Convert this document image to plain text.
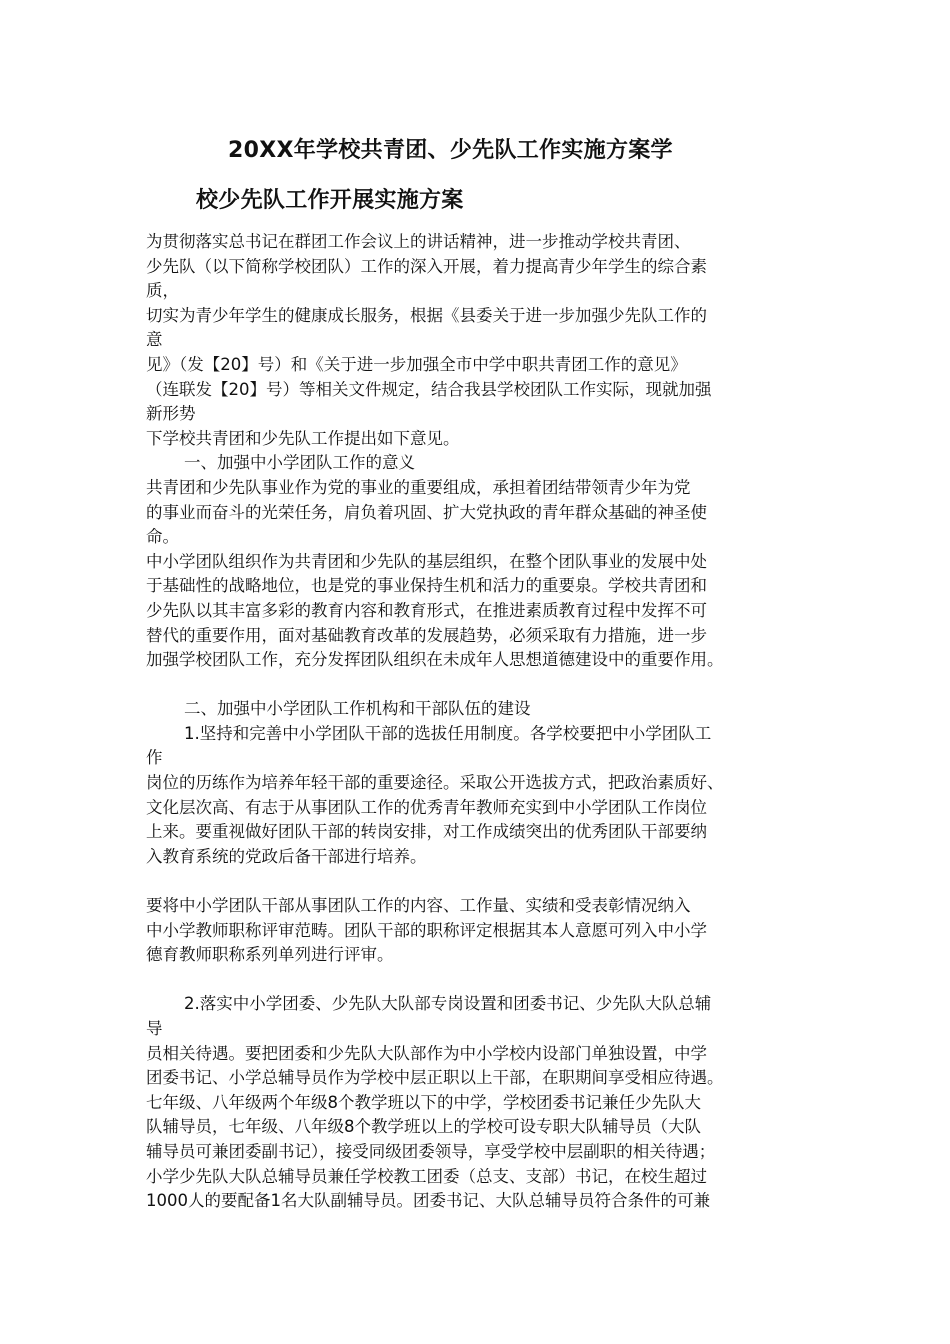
20XX年学校共青团、少先队工作实施方案学
校少先队工作开展实施方案
为贯彻落实总书记在群团工作会议上的讲话精神，进一步推动学校共青团、
少先队（以下简称学校团队）工作的深入开展，着力提高青少年学生的综合素
质，
切实为青少年学生的健康成长服务，根据《县委关于进一步加强少先队工作的
意
见》（发【20】号）和《关于进一步加强全市中学中职共青团工作的意见》
（连联发【20】号）等相关文件规定，结合我县学校团队工作实际，现就加强
新形势
下学校共青团和少先队工作提出如下意见。
一、加强中小学团队工作的意义
共青团和少先队事业作为党的事业的重要组成，承担着团结带领青少年为党
的事业而奋斗的光荣任务，肩负着巩固、扩大党执政的青年群众基础的神圣使
命。
中小学团队组织作为共青团和少先队的基层组织，在整个团队事业的发展中处
于基础性的战略地位，也是党的事业保持生机和活力的重要泉。学校共青团和
少先队以其丰富多彩的教育内容和教育形式，在推进素质教育过程中发挥不可
替代的重要作用，面对基础教育改革的发展趋势，必须采取有力措施，进一步
加强学校团队工作，充分发挥团队组织在未成年人思想道德建设中的重要作用。
二、加强中小学团队工作机构和干部队伍的建设
1.坚持和完善中小学团队干部的选拔任用制度。各学校要把中小学团队工
作
岗位的历练作为培养年轻干部的重要途径。采取公开选拔方式，把政治素质好、
文化层次高、有志于从事团队工作的优秀青年教师充实到中小学团队工作岗位
上来。要重视做好团队干部的转岗安排，对工作成绩突出的优秀团队干部要纳
入教育系统的党政后备干部进行培养。
要将中小学团队干部从事团队工作的内容、工作量、实绩和受表彰情况纳入
中小学教师职称评审范畴。团队干部的职称评定根据其本人意愿可列入中小学
德育教师职称系列单列进行评审。
2.落实中小学团委、少先队大队部专岗设置和团委书记、少先队大队总辅
导
员相关待遇。要把团委和少先队大队部作为中小学校内设部门单独设置，中学
团委书记、小学总辅导员作为学校中层正职以上干部，在职期间享受相应待遇。
七年级、八年级两个年级8个教学班以下的中学，学校团委书记兼任少先队大
队辅导员，七年级、八年级8个教学班以上的学校可设专职大队辅导员（大队
辅导员可兼团委副书记），接受同级团委领导，享受学校中层副职的相关待遇；
小学少先队大队总辅导员兼任学校教工团委（总支、支部）书记，在校生超过
1000人的要配备1名大队副辅导员。团委书记、大队总辅导员符合条件的可兼
